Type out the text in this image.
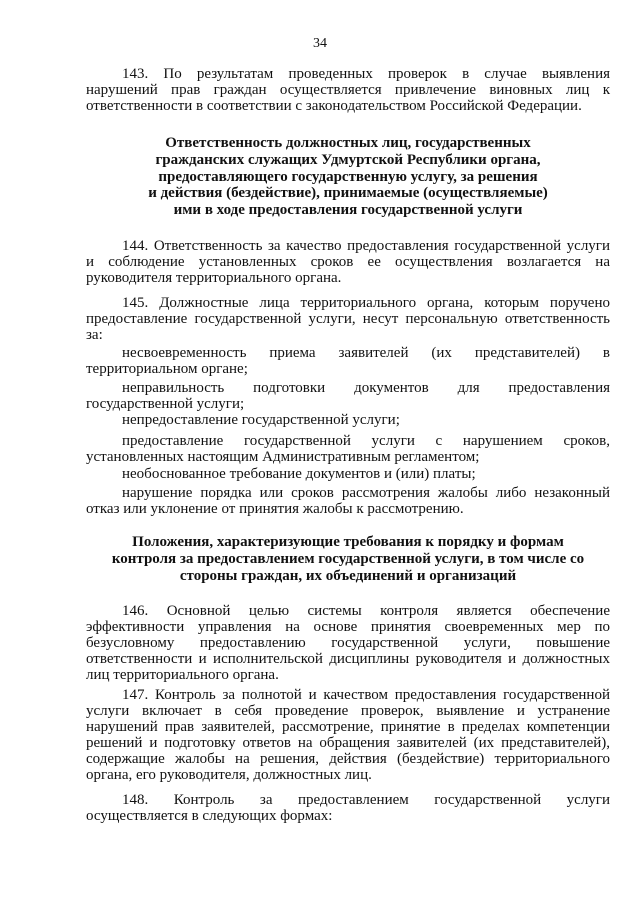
34

143. По результатам проведенных проверок в случае выявления

нарушений прав граждан осуществляется привлечение виновных лиц к

ответственности в соответствии с законодательством Российской Федерации.

Ответственность должностных лиц, государственных
гражданских служащих Удмуртской Республики органа,
предоставляющего государственную услугу, за решения
и действия (бездействие), принимаемые (осуществляемые)
ими в ходе предоставления государственной услуги

144. Ответственность за качество предоставления государственной услуги

и соблюдение установленных сроков ее осуществления возлагается на

руководителя территориального органа.

145. Должностные лица территориального органа, которым поручено

предоставление государственной услуги, несут персональную ответственность

за:

несвоевременность приема заявителей (их представителей) в

территориальном органе;

неправильность подготовки документов для предоставления

государственной услуги;

непредоставление государственной услуги;

предоставление государственной услуги с нарушением сроков,

установленных настоящим Административным регламентом;

необоснованное требование документов и (или) платы;

нарушение порядка или сроков рассмотрения жалобы либо незаконный

отказ или уклонение от принятия жалобы к рассмотрению.

Положения, характеризующие требования к порядку и формам
контроля за предоставлением государственной услуги, в том числе со
стороны граждан, их объединений и организаций

146. Основной целью системы контроля является обеспечение

эффективности управления на основе принятия своевременных мер по

безусловному предоставлению государственной услуги, повышение

ответственности и исполнительской дисциплины руководителя и должностных

лиц территориального органа.

147. Контроль за полнотой и качеством предоставления государственной

услуги включает в себя проведение проверок, выявление и устранение

нарушений прав заявителей, рассмотрение, принятие в пределах компетенции

решений и подготовку ответов на обращения заявителей (их представителей),

содержащие жалобы на решения, действия (бездействие) территориального

органа, его руководителя, должностных лиц.

148. Контроль за предоставлением государственной услуги

осуществляется в следующих формах:
